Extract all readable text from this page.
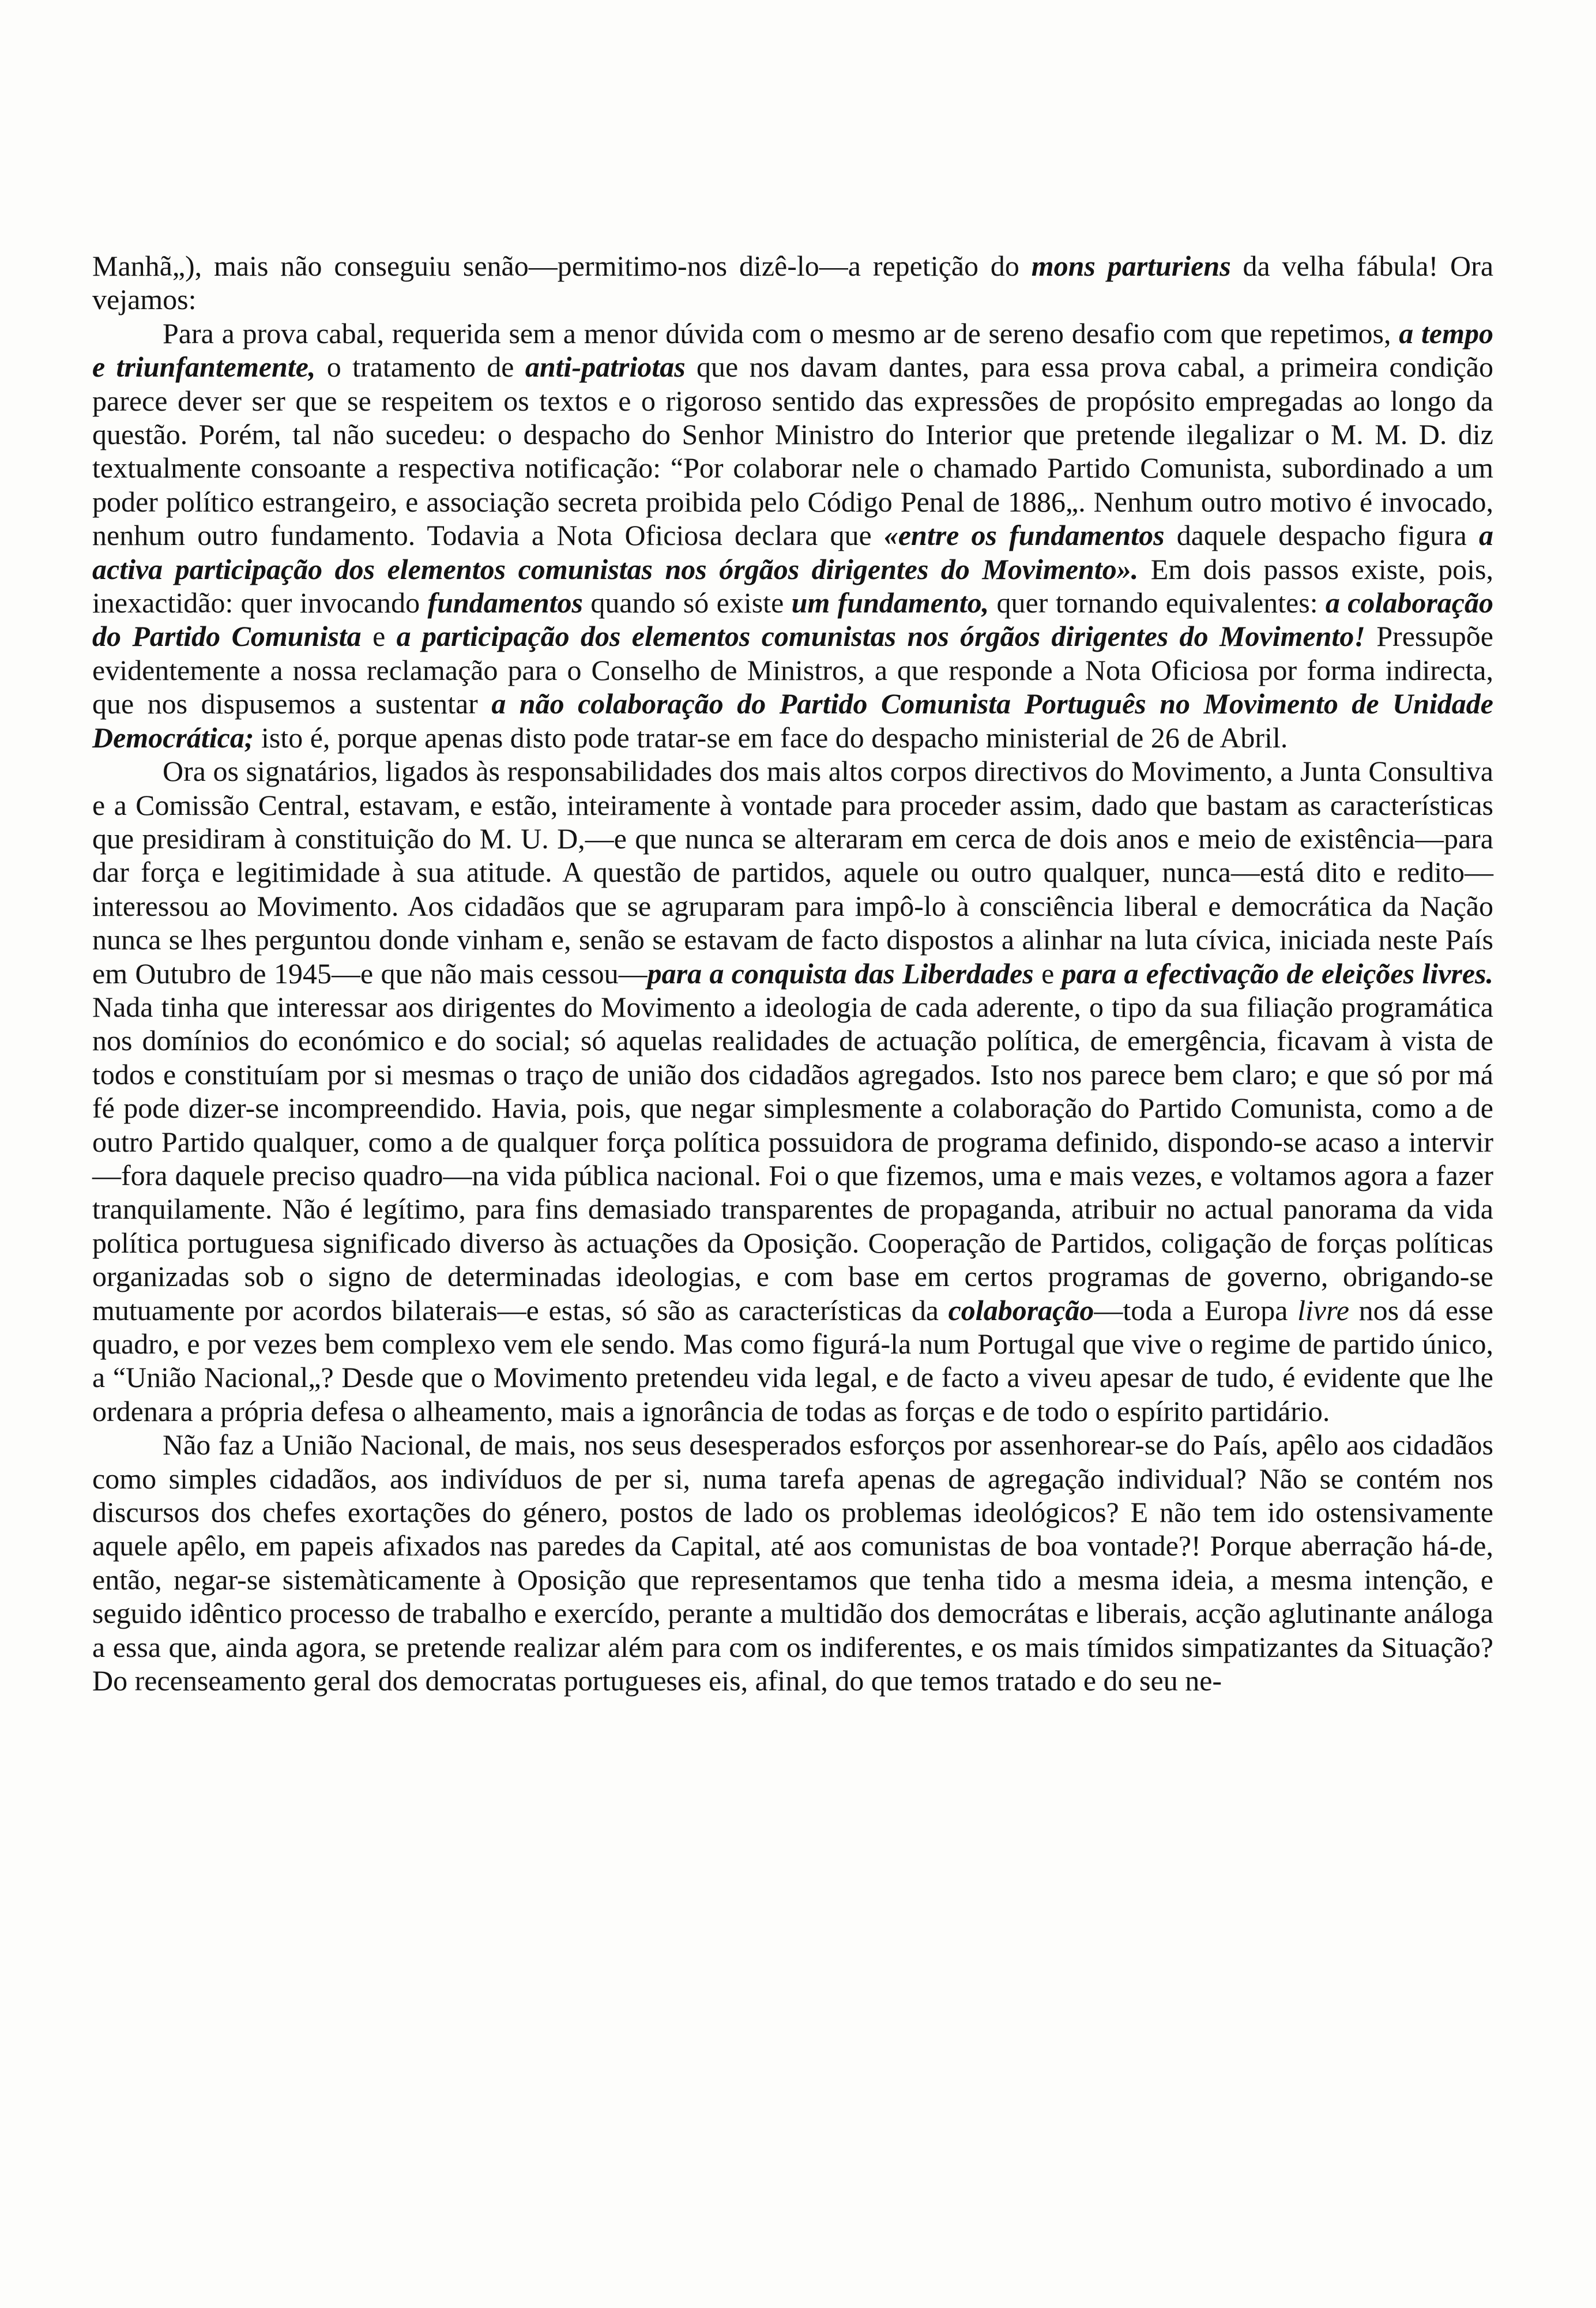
Manhã„), mais não conseguiu senão—permitimo-nos dizê-lo—a repetição do mons parturiens da velha fábula! Ora vejamos:

Para a prova cabal, requerida sem a menor dúvida com o mesmo ar de sereno desafio com que repetimos, a tempo e triunfantemente, o tratamento de anti-patriotas que nos davam dantes, para essa prova cabal, a primeira condição parece dever ser que se respeitem os textos e o rigoroso sentido das expressões de propósito empregadas ao longo da questão. Porém, tal não sucedeu: o despacho do Senhor Ministro do Interior que pretende ilegalizar o M. M. D. diz textualmente consoante a respectiva notificação: “Por colaborar nele o chamado Partido Comunista, subordinado a um poder político estrangeiro, e associação secreta proibida pelo Código Penal de 1886„. Nenhum outro motivo é invocado, nenhum outro fundamento. Todavia a Nota Oficiosa declara que «entre os fundamentos daquele despacho figura a activa participação dos elementos comunistas nos órgãos dirigentes do Movimento». Em dois passos existe, pois, inexactidão: quer invocando fundamentos quando só existe um fundamento, quer tornando equivalentes: a colaboração do Partido Comunista e a participação dos elementos comunistas nos órgãos dirigentes do Movimento! Pressupõe evidentemente a nossa reclamação para o Conselho de Ministros, a que responde a Nota Oficiosa por forma indirecta, que nos dispusemos a sustentar a não colaboração do Partido Comunista Português no Movimento de Unidade Democrática; isto é, porque apenas disto pode tratar-se em face do despacho ministerial de 26 de Abril.

Ora os signatários, ligados às responsabilidades dos mais altos corpos directivos do Movimento, a Junta Consultiva e a Comissão Central, estavam, e estão, inteiramente à vontade para proceder assim, dado que bastam as características que presidiram à constituição do M. U. D,—e que nunca se alteraram em cerca de dois anos e meio de existência—para dar força e legitimidade à sua atitude. A questão de partidos, aquele ou outro qualquer, nunca—está dito e redito—interessou ao Movimento. Aos cidadãos que se agruparam para impô-lo à consciência liberal e democrática da Nação nunca se lhes perguntou donde vinham e, senão se estavam de facto dispostos a alinhar na luta cívica, iniciada neste País em Outubro de 1945—e que não mais cessou—para a conquista das Liberdades e para a efectivação de eleições livres. Nada tinha que interessar aos dirigentes do Movimento a ideologia de cada aderente, o tipo da sua filiação programática nos domínios do económico e do social; só aquelas realidades de actuação política, de emergência, ficavam à vista de todos e constituíam por si mesmas o traço de união dos cidadãos agregados. Isto nos parece bem claro; e que só por má fé pode dizer-se incompreendido. Havia, pois, que negar simplesmente a colaboração do Partido Comunista, como a de outro Partido qualquer, como a de qualquer força política possuidora de programa definido, dispondo-se acaso a intervir—fora daquele preciso quadro—na vida pública nacional. Foi o que fizemos, uma e mais vezes, e voltamos agora a fazer tranquilamente. Não é legítimo, para fins demasiado transparentes de propaganda, atribuir no actual panorama da vida política portuguesa significado diverso às actuações da Oposição. Cooperação de Partidos, coligação de forças políticas organizadas sob o signo de determinadas ideologias, e com base em certos programas de governo, obrigando-se mutuamente por acordos bilaterais—e estas, só são as características da colaboração—toda a Europa livre nos dá esse quadro, e por vezes bem complexo vem ele sendo. Mas como figurá-la num Portugal que vive o regime de partido único, a “União Nacional„? Desde que o Movimento pretendeu vida legal, e de facto a viveu apesar de tudo, é evidente que lhe ordenara a própria defesa o alheamento, mais a ignorância de todas as forças e de todo o espírito partidário.

Não faz a União Nacional, de mais, nos seus desesperados esforços por assenhorear-se do País, apêlo aos cidadãos como simples cidadãos, aos indivíduos de per si, numa tarefa apenas de agregação individual? Não se contém nos discursos dos chefes exortações do género, postos de lado os problemas ideológicos? E não tem ido ostensivamente aquele apêlo, em papeis afixados nas paredes da Capital, até aos comunistas de boa vontade?! Porque aberração há-de, então, negar-se sistemàticamente à Oposição que representamos que tenha tido a mesma ideia, a mesma intenção, e seguido idêntico processo de trabalho e exercído, perante a multidão dos democrátas e liberais, acção aglutinante análoga a essa que, ainda agora, se pretende realizar além para com os indiferentes, e os mais tímidos simpatizantes da Situação? Do recenseamento geral dos democratas portugueses eis, afinal, do que temos tratado e do seu ne-
